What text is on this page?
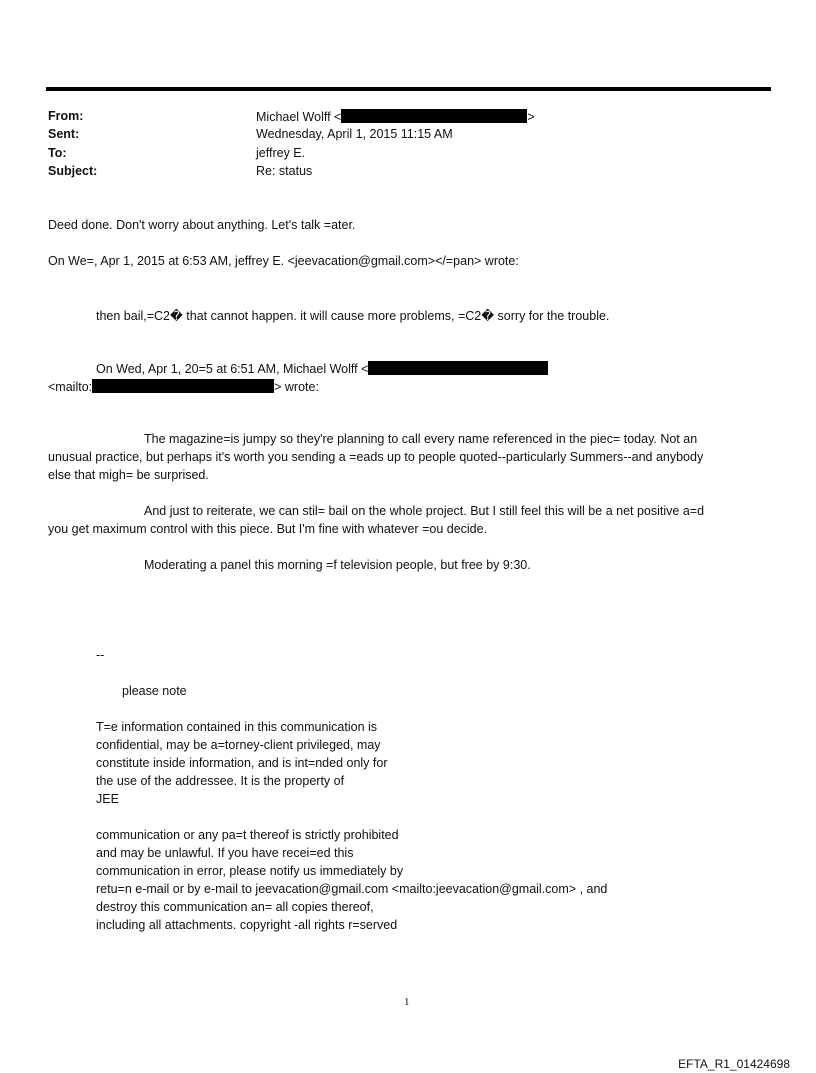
From:	Michael Wolff <	>
Sent:	Wednesday, April 1, 2015 11:15 AM
To:	jeffrey E.
Subject:	Re: status
Deed done. Don't worry about anything. Let's talk =ater.
On We=, Apr 1, 2015 at 6:53 AM, jeffrey E. <jeevacation@gmail.com></=pan> wrote:
then bail,=C2� that cannot happen. it will cause more problems, =C2� sorry for the trouble.
On Wed, Apr 1, 20=5 at 6:51 AM, Michael Wolff <
<mailto:	> wrote:
The magazine=is jumpy so they're planning to call every name referenced in the piec= today. Not an
unusual practice, but perhaps it's worth you sending a =eads up to people quoted--particularly Summers--and anybody
else that migh= be surprised.
And just to reiterate, we can stil= bail on the whole project. But I still feel this will be a net positive a=d
you get maximum control with this piece. But I'm fine with whatever =ou decide.
Moderating a panel this morning =f television people, but free by 9:30.
--
please note
T=e information contained in this communication is
confidential, may be a=torney-client privileged, may
constitute inside information, and is int=nded only for
the use of the addressee. It is the property of
JEE
communication or any pa=t thereof is strictly prohibited
and may be unlawful. If you have recei=ed this
communication in error, please notify us immediately by
retu=n e-mail or by e-mail to jeevacation@gmail.com <mailto:jeevacation@gmail.com> , and
destroy this communication an= all copies thereof,
including all attachments. copyright -all rights r=served
1
EFTA_R1_01424698
